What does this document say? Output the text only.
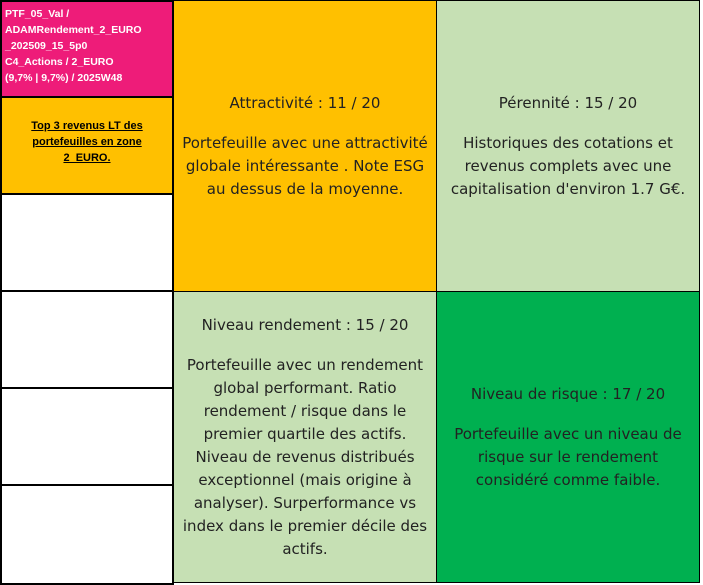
PTF_05_Val /
ADAMRendement_2_EURO
_202509_15_5p0
C4_Actions / 2_EURO
(9,7% | 9,7%) / 2025W48
Top 3 revenus LT des portefeuilles en zone 2_EURO.
Attractivité : 11 / 20
Portefeuille avec une attractivité globale intéressante . Note ESG au dessus de la moyenne.
Pérennité : 15 / 20
Historiques des cotations et revenus complets avec une capitalisation d'environ 1.7 G€.
Niveau rendement : 15 / 20
Portefeuille avec un rendement global performant. Ratio rendement / risque dans le premier quartile des actifs. Niveau de revenus distribués exceptionnel (mais origine à analyser). Surperformance vs index dans le premier décile des actifs.
Niveau de risque : 17 / 20
Portefeuille avec un niveau de risque sur le rendement considéré comme faible.
